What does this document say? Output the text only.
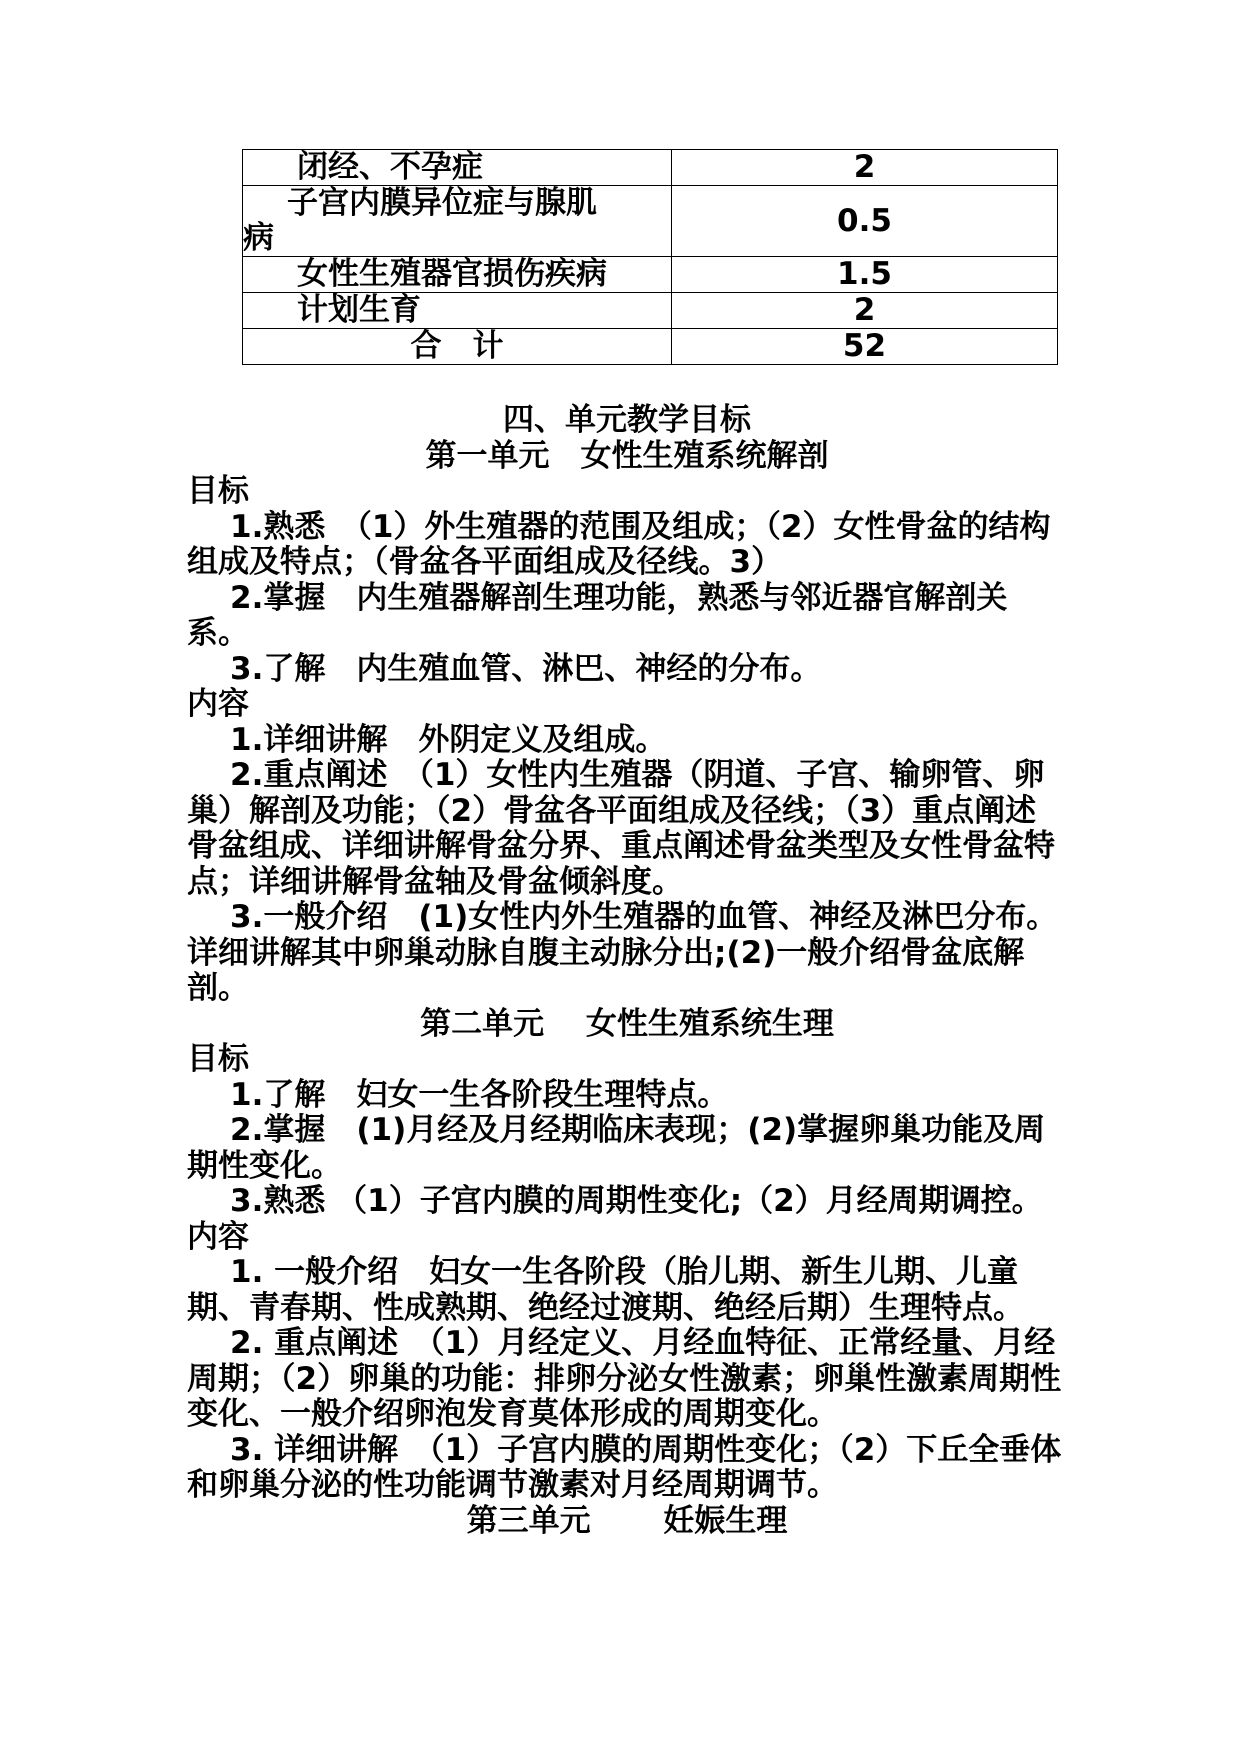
闭经、不孕症	2

子宫内膜异位症与腺肌
病	0.5
女性生殖器官损伤疾病	1.5
计划生育	2
合　计	52

四、单元教学目标

第一单元　女性生殖系统解剖

目标

1.熟悉　（1）外生殖器的范围及组成；（2）女性骨盆的结构组成及特点；（骨盆各平面组成及径线。3）

2.掌握　内生殖器解剖生理功能，熟悉与邻近器官解剖关系。

3.了解　内生殖血管、淋巴、神经的分布。

内容

1.详细讲解　外阴定义及组成。

2.重点阐述　（1）女性内生殖器（阴道、子宫、输卵管、卵巢）解剖及功能；（2）骨盆各平面组成及径线；（3）重点阐述骨盆组成、详细讲解骨盆分界、重点阐述骨盆类型及女性骨盆特点；详细讲解骨盆轴及骨盆倾斜度。

3.一般介绍　(1)女性内外生殖器的血管、神经及淋巴分布。详细讲解其中卵巢动脉自腹主动脉分出;(2)一般介绍骨盆底解剖。

第二单元　 女性生殖系统生理

目标

1.了解　妇女一生各阶段生理特点。

2.掌握　(1)月经及月经期临床表现；(2)掌握卵巢功能及周期性变化。

3.熟悉 （1）子宫内膜的周期性变化;（2）月经周期调控。

内容

1. 一般介绍　妇女一生各阶段（胎儿期、新生儿期、儿童期、青春期、性成熟期、绝经过渡期、绝经后期）生理特点。

2. 重点阐述　（1）月经定义、月经血特征、正常经量、月经周期；（2）卵巢的功能：排卵分泌女性激素；卵巢性激素周期性变化、一般介绍卵泡发育莫体形成的周期变化。

3. 详细讲解　（1）子宫内膜的周期性变化；（2）下丘全垂体和卵巢分泌的性功能调节激素对月经周期调节。

第三单元　　 妊娠生理
